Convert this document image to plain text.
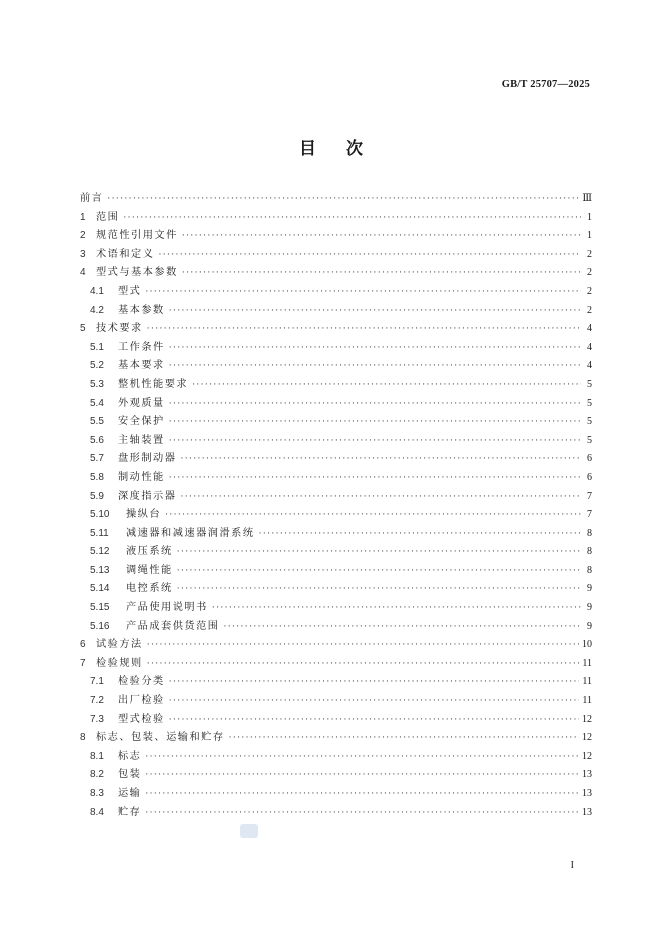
GB/T 25707—2025
目 次
前言 ·····	Ⅲ
1	范围 ·····	1
2	规范性引用文件 ·····	1
3	术语和定义 ·····	2
4	型式与基本参数 ·····	2
4.1	型式 ·····	2
4.2	基本参数 ·····	2
5	技术要求 ·····	4
5.1	工作条件 ·····	4
5.2	基本要求 ·····	4
5.3	整机性能要求 ·····	5
5.4	外观质量 ·····	5
5.5	安全保护 ·····	5
5.6	主轴装置 ·····	5
5.7	盘形制动器 ·····	6
5.8	制动性能 ·····	6
5.9	深度指示器 ·····	7
5.10	操纵台 ·····	7
5.11	减速器和减速器润滑系统 ·····	8
5.12	液压系统 ·····	8
5.13	调绳性能 ·····	8
5.14	电控系统 ·····	9
5.15	产品使用说明书 ·····	9
5.16	产品成套供货范围 ·····	9
6	试验方法 ·····	10
7	检验规则 ·····	11
7.1	检验分类 ·····	11
7.2	出厂检验 ·····	11
7.3	型式检验 ·····	12
8	标志、包装、运输和贮存 ·····	12
8.1	标志 ·····	12
8.2	包装 ·····	13
8.3	运输 ·····	13
8.4	贮存 ·····	13
I
